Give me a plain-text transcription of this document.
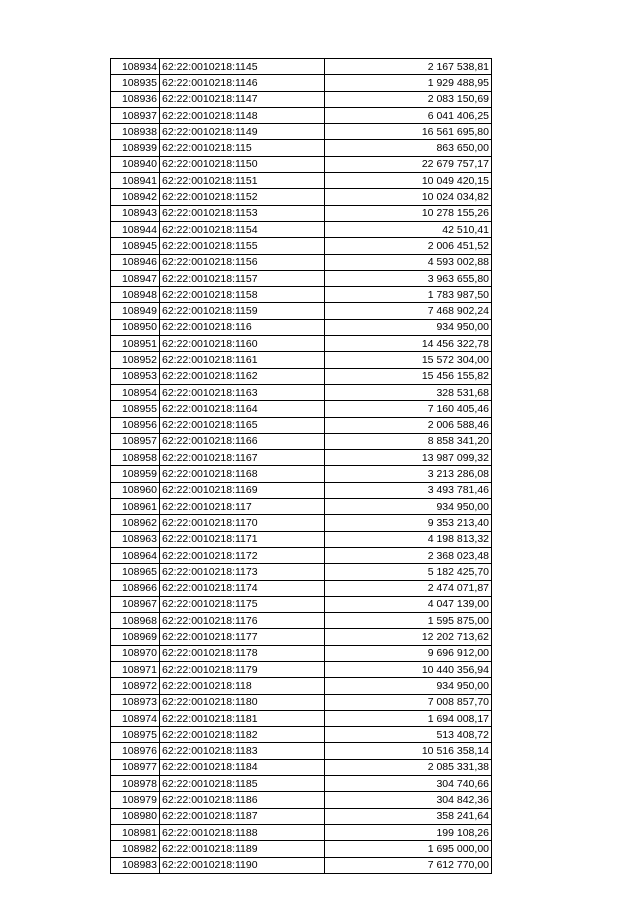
108934	62:22:0010218:1145	2 167 538,81
108935	62:22:0010218:1146	1 929 488,95
108936	62:22:0010218:1147	2 083 150,69
108937	62:22:0010218:1148	6 041 406,25
108938	62:22:0010218:1149	16 561 695,80
108939	62:22:0010218:115	863 650,00
108940	62:22:0010218:1150	22 679 757,17
108941	62:22:0010218:1151	10 049 420,15
108942	62:22:0010218:1152	10 024 034,82
108943	62:22:0010218:1153	10 278 155,26
108944	62:22:0010218:1154	42 510,41
108945	62:22:0010218:1155	2 006 451,52
108946	62:22:0010218:1156	4 593 002,88
108947	62:22:0010218:1157	3 963 655,80
108948	62:22:0010218:1158	1 783 987,50
108949	62:22:0010218:1159	7 468 902,24
108950	62:22:0010218:116	934 950,00
108951	62:22:0010218:1160	14 456 322,78
108952	62:22:0010218:1161	15 572 304,00
108953	62:22:0010218:1162	15 456 155,82
108954	62:22:0010218:1163	328 531,68
108955	62:22:0010218:1164	7 160 405,46
108956	62:22:0010218:1165	2 006 588,46
108957	62:22:0010218:1166	8 858 341,20
108958	62:22:0010218:1167	13 987 099,32
108959	62:22:0010218:1168	3 213 286,08
108960	62:22:0010218:1169	3 493 781,46
108961	62:22:0010218:117	934 950,00
108962	62:22:0010218:1170	9 353 213,40
108963	62:22:0010218:1171	4 198 813,32
108964	62:22:0010218:1172	2 368 023,48
108965	62:22:0010218:1173	5 182 425,70
108966	62:22:0010218:1174	2 474 071,87
108967	62:22:0010218:1175	4 047 139,00
108968	62:22:0010218:1176	1 595 875,00
108969	62:22:0010218:1177	12 202 713,62
108970	62:22:0010218:1178	9 696 912,00
108971	62:22:0010218:1179	10 440 356,94
108972	62:22:0010218:118	934 950,00
108973	62:22:0010218:1180	7 008 857,70
108974	62:22:0010218:1181	1 694 008,17
108975	62:22:0010218:1182	513 408,72
108976	62:22:0010218:1183	10 516 358,14
108977	62:22:0010218:1184	2 085 331,38
108978	62:22:0010218:1185	304 740,66
108979	62:22:0010218:1186	304 842,36
108980	62:22:0010218:1187	358 241,64
108981	62:22:0010218:1188	199 108,26
108982	62:22:0010218:1189	1 695 000,00
108983	62:22:0010218:1190	7 612 770,00
